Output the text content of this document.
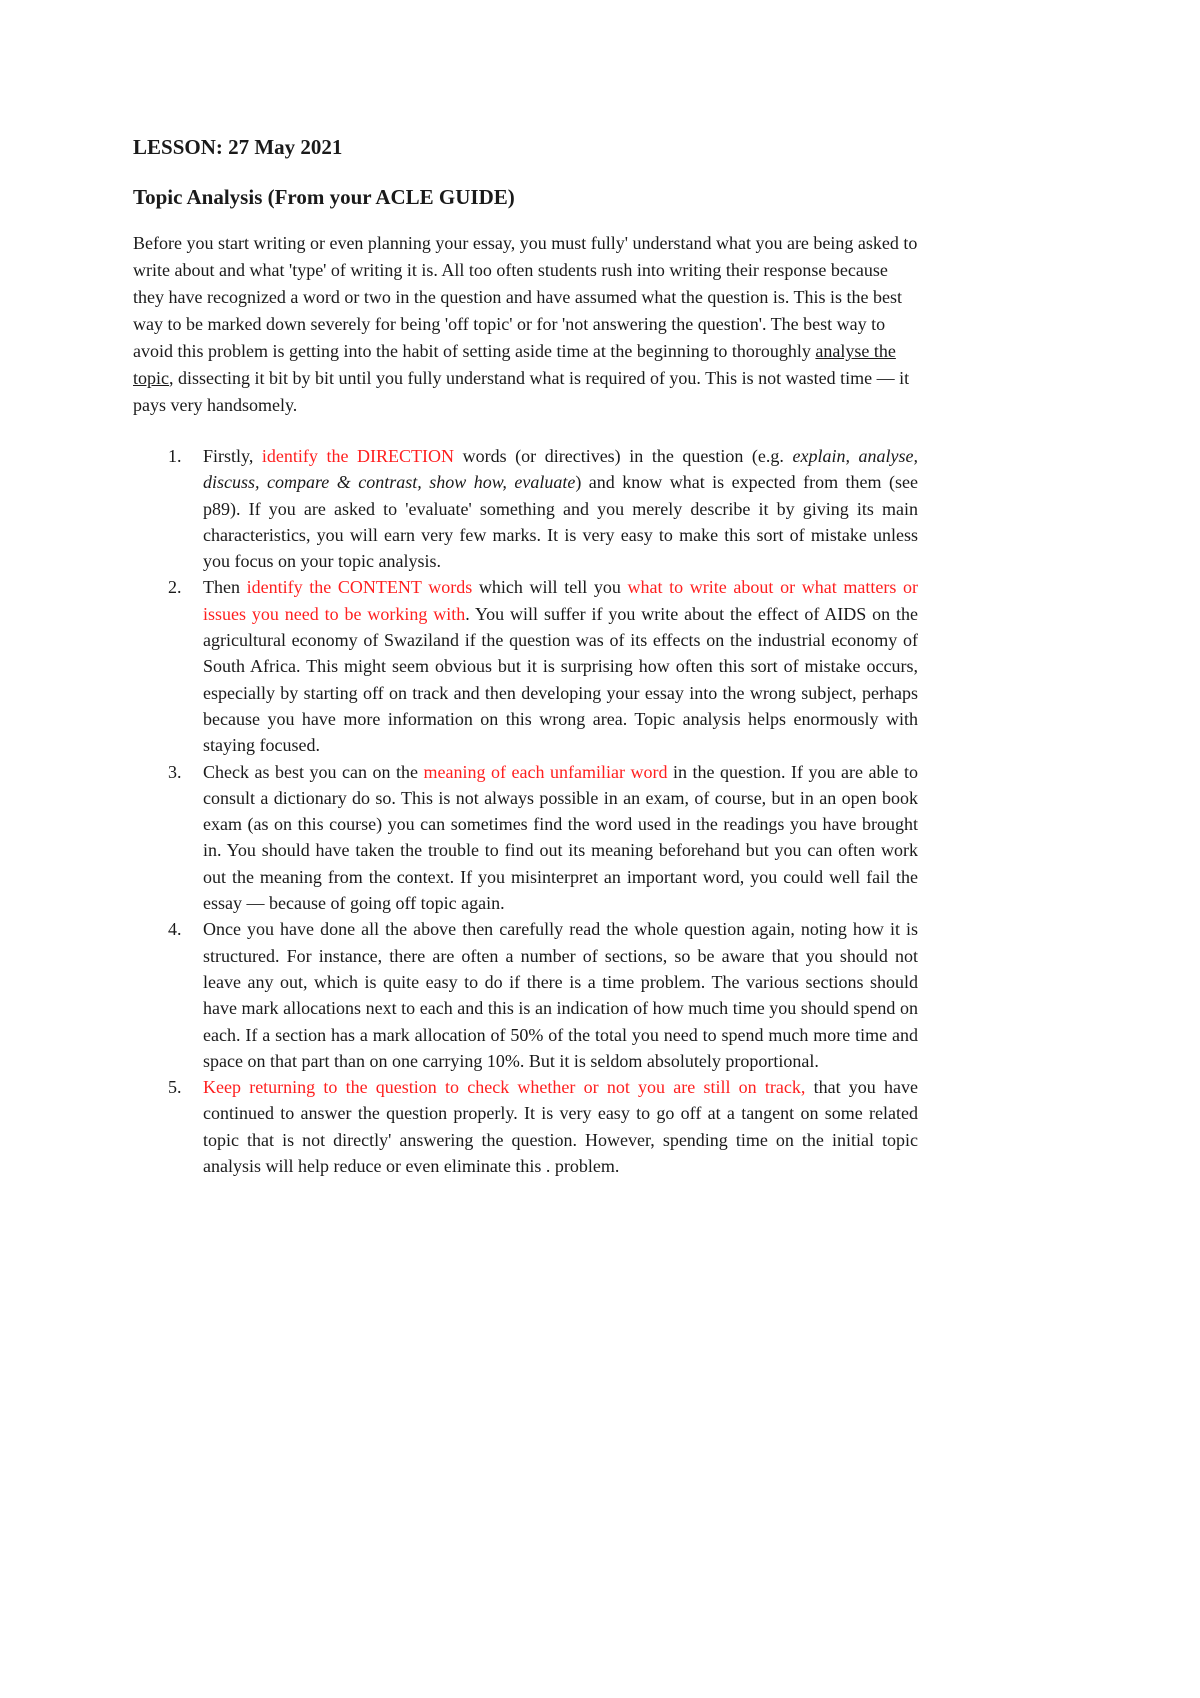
LESSON: 27 May 2021
Topic Analysis (From your ACLE GUIDE)

Before you start writing or even planning your essay, you must fully' understand what you are being asked to write about and what 'type' of writing it is. All too often students rush into writing their response because they have recognized a word or two in the question and have assumed what the question is. This is the best way to be marked down severely for being 'off topic' or for 'not answering the question'. The best way to avoid this problem is getting into the habit of setting aside time at the beginning to thoroughly analyse the topic, dissecting it bit by bit until you fully understand what is required of you. This is not wasted time — it pays very handsomely.

1. Firstly, identify the DIRECTION words (or directives) in the question (e.g. explain, analyse, discuss, compare & contrast, show how, evaluate) and know what is expected from them (see p89). If you are asked to 'evaluate' something and you merely describe it by giving its main characteristics, you will earn very few marks. It is very easy to make this sort of mistake unless you focus on your topic analysis.
2. Then identify the CONTENT words which will tell you what to write about or what matters or issues you need to be working with. You will suffer if you write about the effect of AIDS on the agricultural economy of Swaziland if the question was of its effects on the industrial economy of South Africa. This might seem obvious but it is surprising how often this sort of mistake occurs, especially by starting off on track and then developing your essay into the wrong subject, perhaps because you have more information on this wrong area. Topic analysis helps enormously with staying focused.
3. Check as best you can on the meaning of each unfamiliar word in the question. If you are able to consult a dictionary do so. This is not always possible in an exam, of course, but in an open book exam (as on this course) you can sometimes find the word used in the readings you have brought in. You should have taken the trouble to find out its meaning beforehand but you can often work out the meaning from the context. If you misinterpret an important word, you could well fail the essay — because of going off topic again.
4. Once you have done all the above then carefully read the whole question again, noting how it is structured. For instance, there are often a number of sections, so be aware that you should not leave any out, which is quite easy to do if there is a time problem. The various sections should have mark allocations next to each and this is an indication of how much time you should spend on each. If a section has a mark allocation of 50% of the total you need to spend much more time and space on that part than on one carrying 10%. But it is seldom absolutely proportional.
5. Keep returning to the question to check whether or not you are still on track, that you have continued to answer the question properly. It is very easy to go off at a tangent on some related topic that is not directly' answering the question. However, spending time on the initial topic analysis will help reduce or even eliminate this . problem.
